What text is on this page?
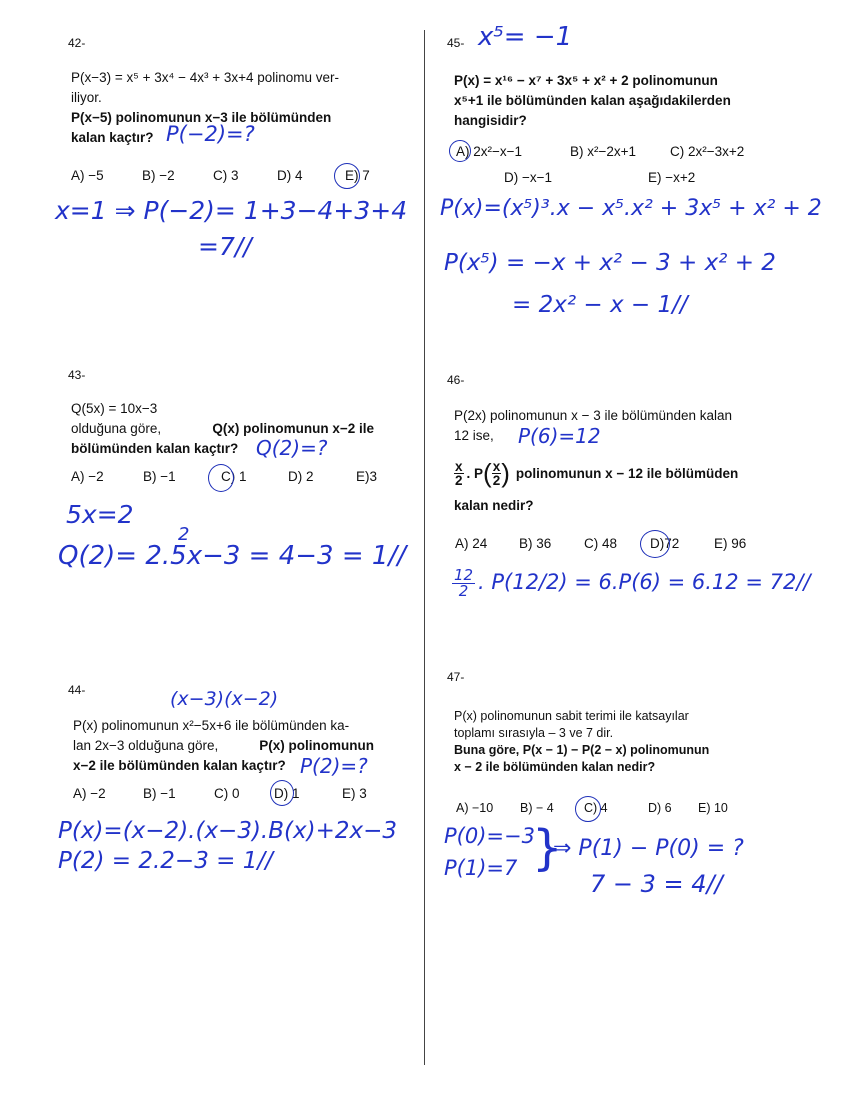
42-
P(x−3) = x⁵ + 3x⁴ − 4x³ + 3x+4 polinomu ver-
iliyor.
P(x−5) polinomunun x−3 ile bölümünden
kalan kaçtır? P(−2)=?
A) −5	B) −2	C) 3	D) 4	E) 7
x=1 ⇒ P(−2)= 1+3−4+3+4
=7//
43-
Q(5x) = 10x−3
olduğuna göre,	Q(x) polinomunun x−2 ile
bölümünden kalan kaçtır? Q(2)=?
A) −2	B) −1	C) 1	D) 2	E)3
5x=2
2
Q(2)= 2.5x−3 = 4−3 = 1//
44-	(x−3)(x−2)
P(x) polinomunun x²−5x+6 ile bölümünden ka-
lan 2x−3 olduğuna göre,	P(x) polinomunun
x−2 ile bölümünden kalan kaçtır? P(2)=?
A) −2	B) −1	C) 0	D) 1	E) 3
P(x)=(x−2).(x−3).B(x)+2x−3
P(2) = 2.2−3 = 1//
45- x⁵= −1
P(x) = x¹⁶ − x⁷ + 3x⁵ + x² + 2 polinomunun
x⁵+1 ile bölümünden kalan aşağıdakilerden
hangisidir?
A) 2x²−x−1	B) x²−2x+1	C) 2x²−3x+2
D) −x−1	E) −x+2
P(x)=(x⁵)³.x − x⁵.x² + 3x⁵ + x² + 2
P(x⁵) = −x + x² − 3 + x² + 2
= 2x² − x − 1//
46-
P(2x) polinomunun x − 3 ile bölümünden kalan
12 ise,	P(6)=12
$\frac{x}{2}$ . P ( $\frac{x}{2}$ ) polinomunun x − 12 ile bölümüden
kalan nedir?
A) 24	B) 36	C) 48	D)72	E) 96
12
2 . P(12/2) = 6.P(6) = 6.12 = 72//
47-
P(x) polinomunun sabit terimi ile katsayılar
toplamı sırasıyla – 3 ve 7 dir.
Buna göre, P(x − 1) − P(2 − x) polinomunun
x − 2 ile bölümünden kalan nedir?
A) −10	B) − 4	C) 4	D) 6	E) 10
P(0)=−3
P(1)=7 }
⇒ P(1) − P(0) = ?
7 − 3 = 4//
